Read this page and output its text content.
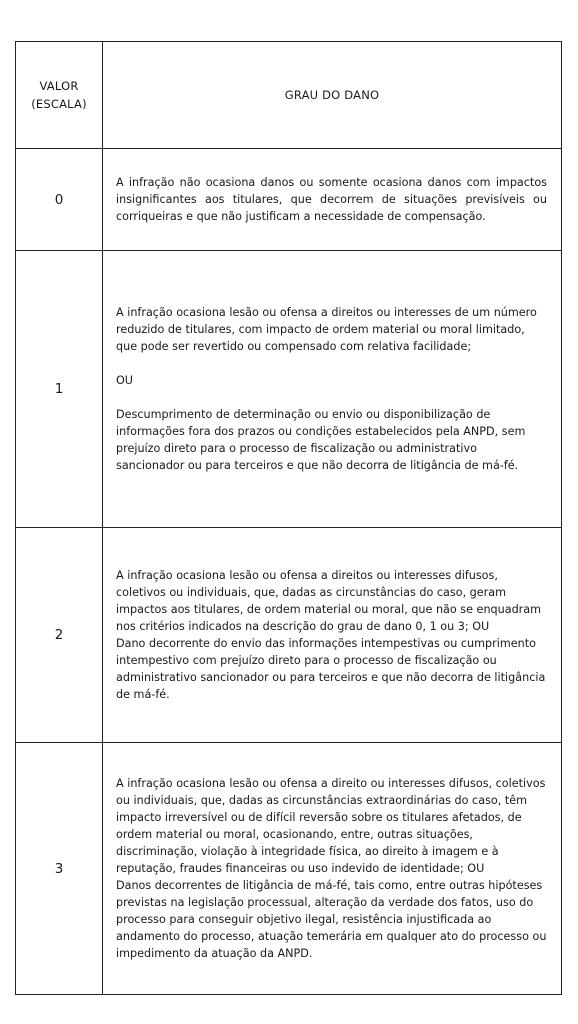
VALOR
(ESCALA)
GRAU DO DANO
0

A infração não ocasiona danos ou somente ocasiona danos com impactos insignificantes aos titulares, que decorrem de situações previsíveis ou corriqueiras e que não justificam a necessidade de compensação.

1

A infração ocasiona lesão ou ofensa a direitos ou interesses de um número reduzido de titulares, com impacto de ordem material ou moral limitado, que pode ser revertido ou compensado com relativa facilidade;

OU

Descumprimento de determinação ou envio ou disponibilização de informações fora dos prazos ou condições estabelecidos pela ANPD, sem prejuízo direto para o processo de fiscalização ou administrativo sancionador ou para terceiros e que não decorra de litigância de má-fé.

2

A infração ocasiona lesão ou ofensa a direitos ou interesses difusos, coletivos ou individuais, que, dadas as circunstâncias do caso, geram impactos aos titulares, de ordem material ou moral, que não se enquadram nos critérios indicados na descrição do grau de dano 0, 1 ou 3; OU

Dano decorrente do envio das informações intempestivas ou cumprimento intempestivo com prejuízo direto para o processo de fiscalização ou administrativo sancionador ou para terceiros e que não decorra de litigância de má-fé.

3

A infração ocasiona lesão ou ofensa a direito ou interesses difusos, coletivos ou individuais, que, dadas as circunstâncias extraordinárias do caso, têm impacto irreversível ou de difícil reversão sobre os titulares afetados, de ordem material ou moral, ocasionando, entre, outras situações, discriminação, violação à integridade física, ao direito à imagem e à reputação, fraudes financeiras ou uso indevido de identidade; OU

Danos decorrentes de litigância de má-fé, tais como, entre outras hipóteses previstas na legislação processual, alteração da verdade dos fatos, uso do processo para conseguir objetivo ilegal, resistência injustificada ao andamento do processo, atuação temerária em qualquer ato do processo ou impedimento da atuação da ANPD.
